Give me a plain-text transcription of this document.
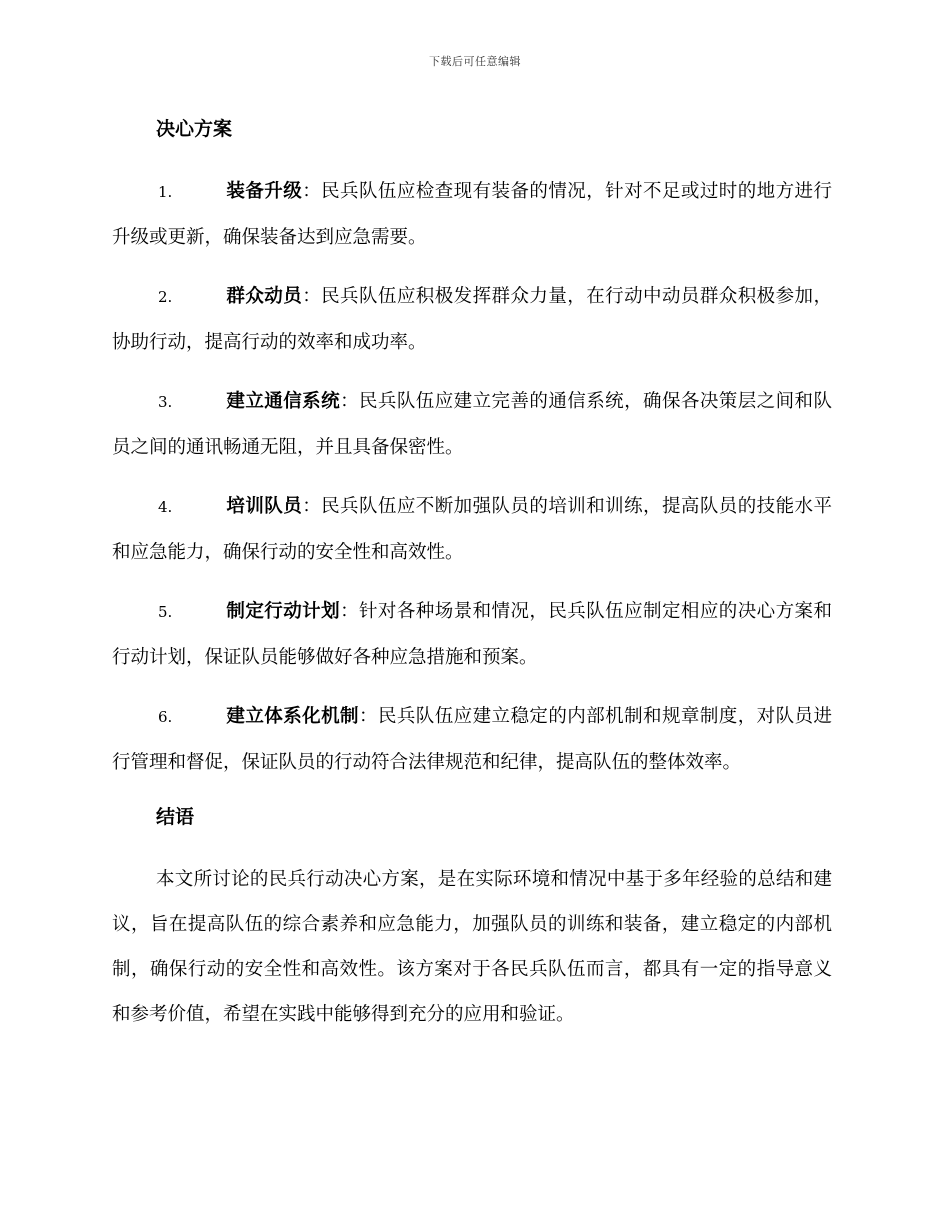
下载后可任意编辑
决心方案
1.	装备升级：民兵队伍应检查现有装备的情况，针对不足或过时的地方进行升级或更新，确保装备达到应急需要。
2.	群众动员：民兵队伍应积极发挥群众力量，在行动中动员群众积极参加，协助行动，提高行动的效率和成功率。
3.	建立通信系统：民兵队伍应建立完善的通信系统，确保各决策层之间和队员之间的通讯畅通无阻，并且具备保密性。
4.	培训队员：民兵队伍应不断加强队员的培训和训练，提高队员的技能水平和应急能力，确保行动的安全性和高效性。
5.	制定行动计划：针对各种场景和情况，民兵队伍应制定相应的决心方案和行动计划，保证队员能够做好各种应急措施和预案。
6.	建立体系化机制：民兵队伍应建立稳定的内部机制和规章制度，对队员进行管理和督促，保证队员的行动符合法律规范和纪律，提高队伍的整体效率。
结语

本文所讨论的民兵行动决心方案，是在实际环境和情况中基于多年经验的总结和建议，旨在提高队伍的综合素养和应急能力，加强队员的训练和装备，建立稳定的内部机制，确保行动的安全性和高效性。该方案对于各民兵队伍而言，都具有一定的指导意义和参考价值，希望在实践中能够得到充分的应用和验证。
